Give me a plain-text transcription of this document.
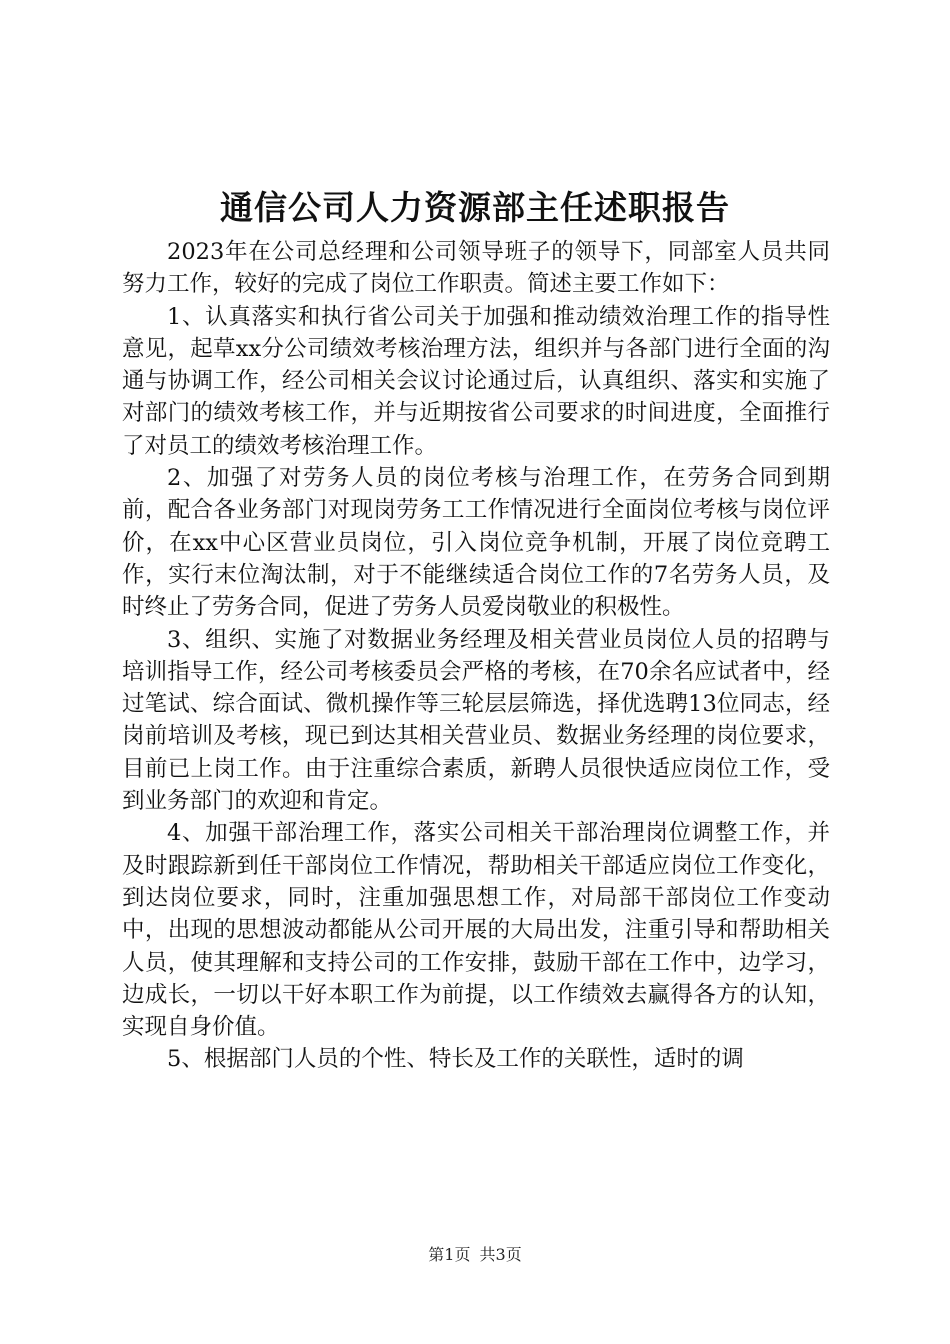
通信公司人力资源部主任述职报告

2023年在公司总经理和公司领导班子的领导下，同部室人员共同努力工作，较好的完成了岗位工作职责。简述主要工作如下：

1、认真落实和执行省公司关于加强和推动绩效治理工作的指导性意见，起草xx分公司绩效考核治理方法，组织并与各部门进行全面的沟通与协调工作，经公司相关会议讨论通过后，认真组织、落实和实施了对部门的绩效考核工作，并与近期按省公司要求的时间进度，全面推行了对员工的绩效考核治理工作。

2、加强了对劳务人员的岗位考核与治理工作，在劳务合同到期前，配合各业务部门对现岗劳务工工作情况进行全面岗位考核与岗位评价，在xx中心区营业员岗位，引入岗位竞争机制，开展了岗位竞聘工作，实行末位淘汰制，对于不能继续适合岗位工作的7名劳务人员，及时终止了劳务合同，促进了劳务人员爱岗敬业的积极性。

3、组织、实施了对数据业务经理及相关营业员岗位人员的招聘与培训指导工作，经公司考核委员会严格的考核，在70余名应试者中，经过笔试、综合面试、微机操作等三轮层层筛选，择优选聘13位同志，经岗前培训及考核，现已到达其相关营业员、数据业务经理的岗位要求，目前已上岗工作。由于注重综合素质，新聘人员很快适应岗位工作，受到业务部门的欢迎和肯定。

4、加强干部治理工作，落实公司相关干部治理岗位调整工作，并及时跟踪新到任干部岗位工作情况，帮助相关干部适应岗位工作变化，到达岗位要求，同时，注重加强思想工作，对局部干部岗位工作变动中，出现的思想波动都能从公司开展的大局出发，注重引导和帮助相关人员，使其理解和支持公司的工作安排，鼓励干部在工作中，边学习，边成长，一切以干好本职工作为前提，以工作绩效去赢得各方的认知，实现自身价值。

5、根据部门人员的个性、特长及工作的关联性，适时的调

第1页 共3页
